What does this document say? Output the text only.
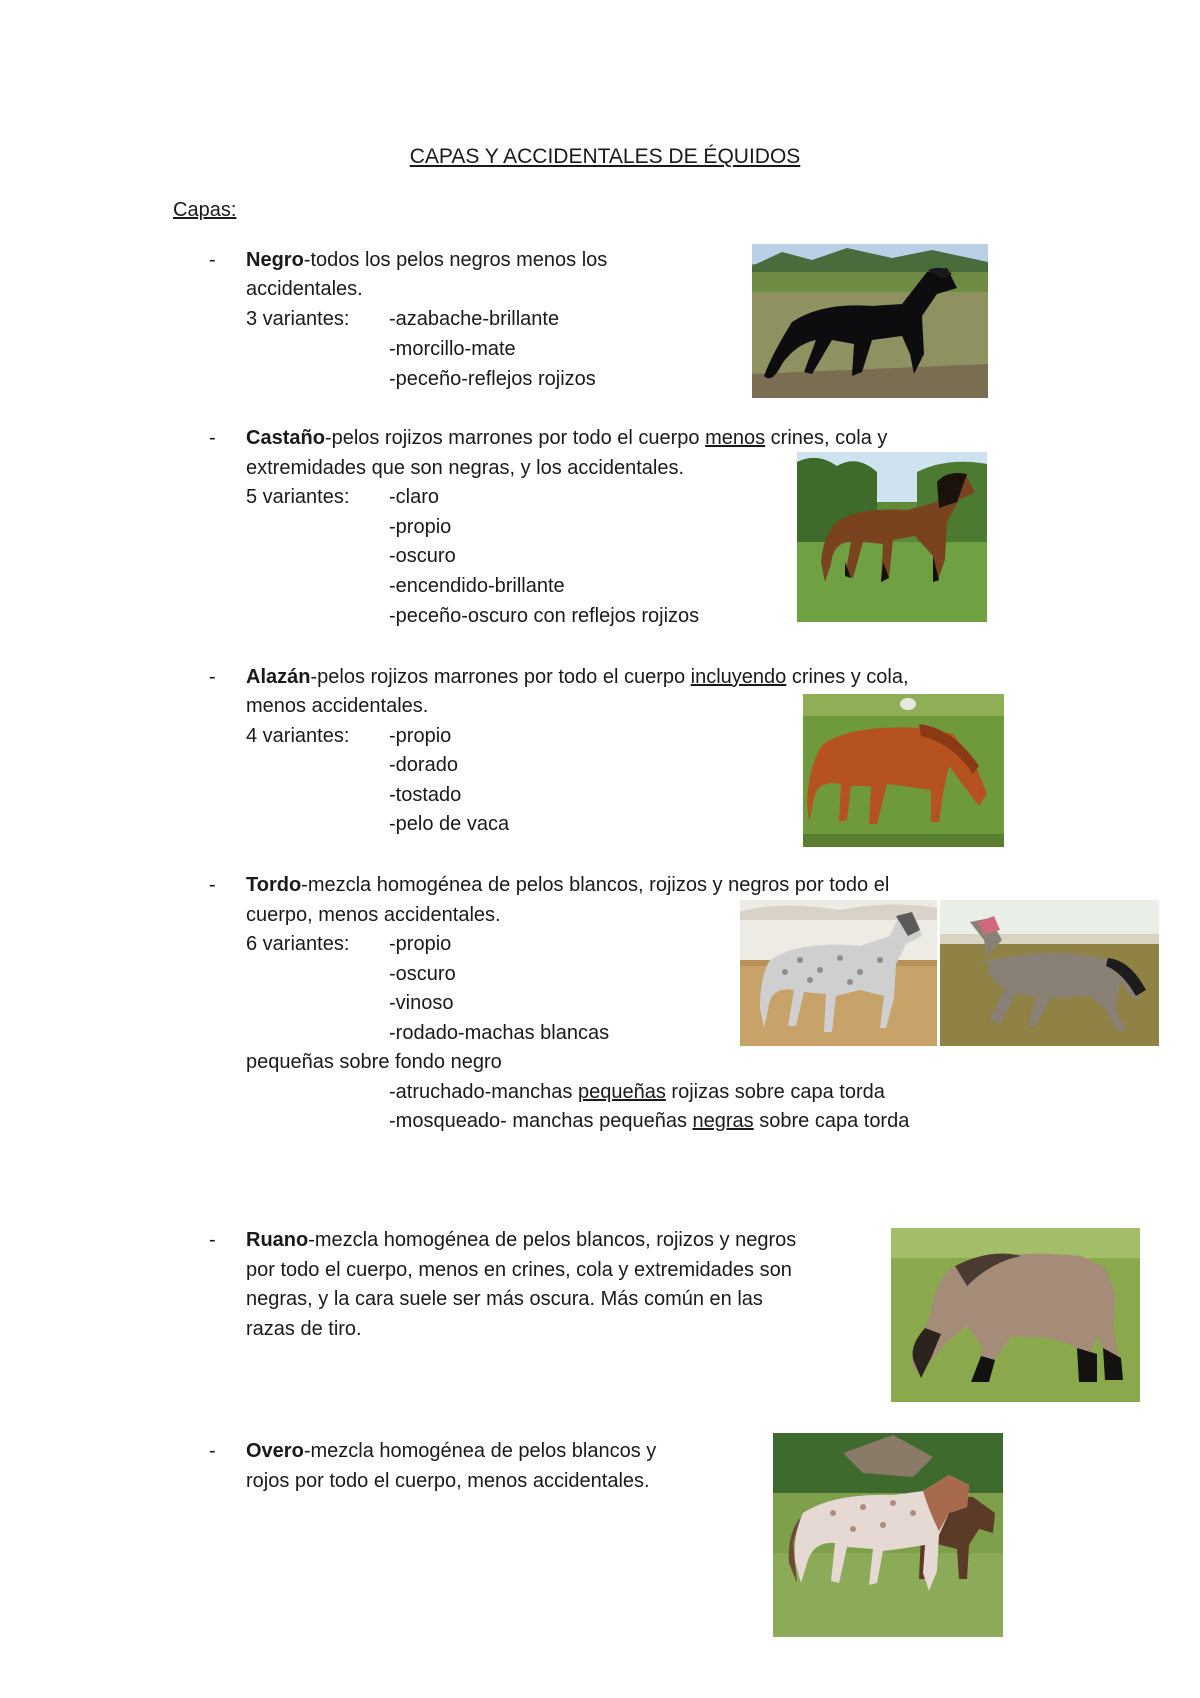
CAPAS Y ACCIDENTALES DE ÉQUIDOS
Capas:
- Negro-todos los pelos negros menos los
accidentales.
3 variantes: -azabache-brillante
-morcillo-mate
-peceño-reflejos rojizos
- Castaño-pelos rojizos marrones por todo el cuerpo menos crines, cola y
extremidades que son negras, y los accidentales.
5 variantes: -claro
-propio
-oscuro
-encendido-brillante
-peceño-oscuro con reflejos rojizos
- Alazán-pelos rojizos marrones por todo el cuerpo incluyendo crines y cola,
menos accidentales.
4 variantes: -propio
-dorado
-tostado
-pelo de vaca
- Tordo-mezcla homogénea de pelos blancos, rojizos y negros por todo el
cuerpo, menos accidentales.
6 variantes: -propio
-oscuro
-vinoso
-rodado-machas blancas
pequeñas sobre fondo negro
-atruchado-manchas pequeñas rojizas sobre capa torda
-mosqueado- manchas pequeñas negras sobre capa torda
- Ruano-mezcla homogénea de pelos blancos, rojizos y negros
por todo el cuerpo, menos en crines, cola y extremidades son
negras, y la cara suele ser más oscura. Más común en las
razas de tiro.
- Overo-mezcla homogénea de pelos blancos y
rojos por todo el cuerpo, menos accidentales.
